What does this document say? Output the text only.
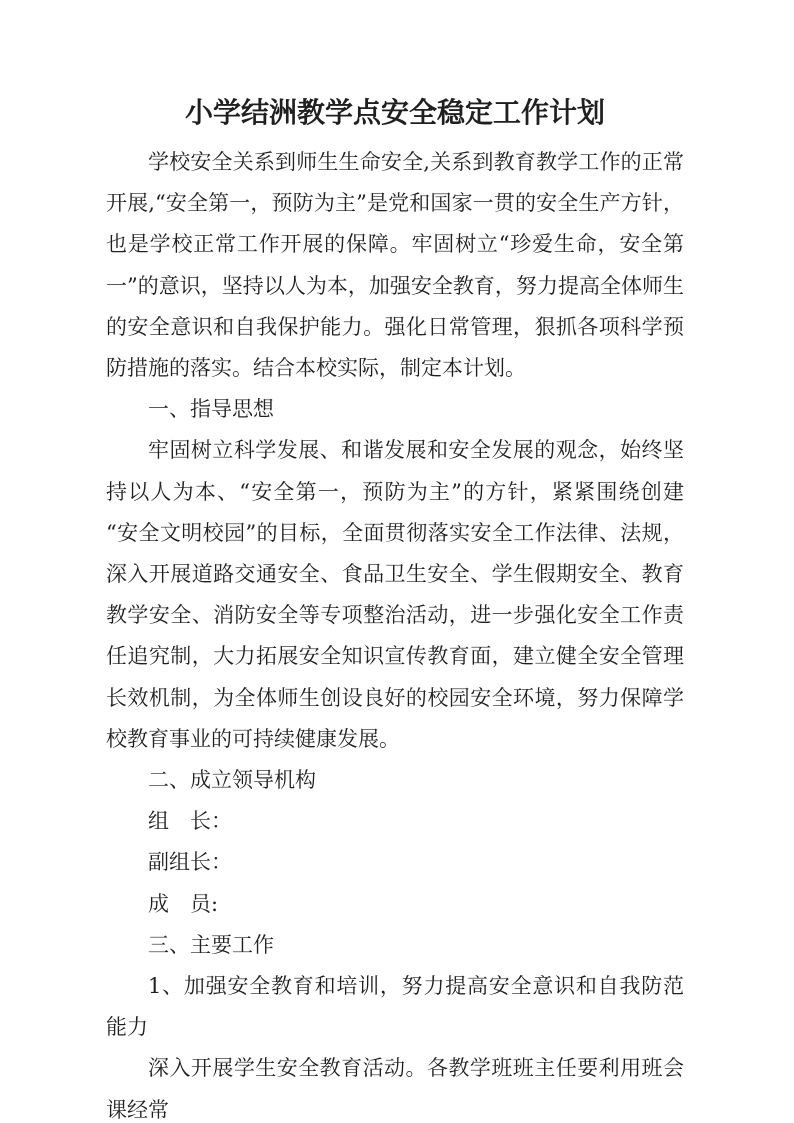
小学结洲教学点安全稳定工作计划

学校安全关系到师生生命安全,关系到教育教学工作的正常开展,“安全第一，预防为主”是党和国家一贯的安全生产方针，也是学校正常工作开展的保障。牢固树立“珍爱生命，安全第一”的意识，坚持以人为本，加强安全教育，努力提高全体师生的安全意识和自我保护能力。强化日常管理，狠抓各项科学预防措施的落实。结合本校实际，制定本计划。

一、指导思想

牢固树立科学发展、和谐发展和安全发展的观念，始终坚持以人为本、“安全第一，预防为主”的方针，紧紧围绕创建“安全文明校园”的目标，全面贯彻落实安全工作法律、法规，深入开展道路交通安全、食品卫生安全、学生假期安全、教育教学安全、消防安全等专项整治活动，进一步强化安全工作责任追究制，大力拓展安全知识宣传教育面，建立健全安全管理长效机制，为全体师生创设良好的校园安全环境，努力保障学校教育事业的可持续健康发展。

二、成立领导机构

组　长：

副组长：

成　员:

三、主要工作

1、加强安全教育和培训，努力提高安全意识和自我防范能力

深入开展学生安全教育活动。各教学班班主任要利用班会课经常
